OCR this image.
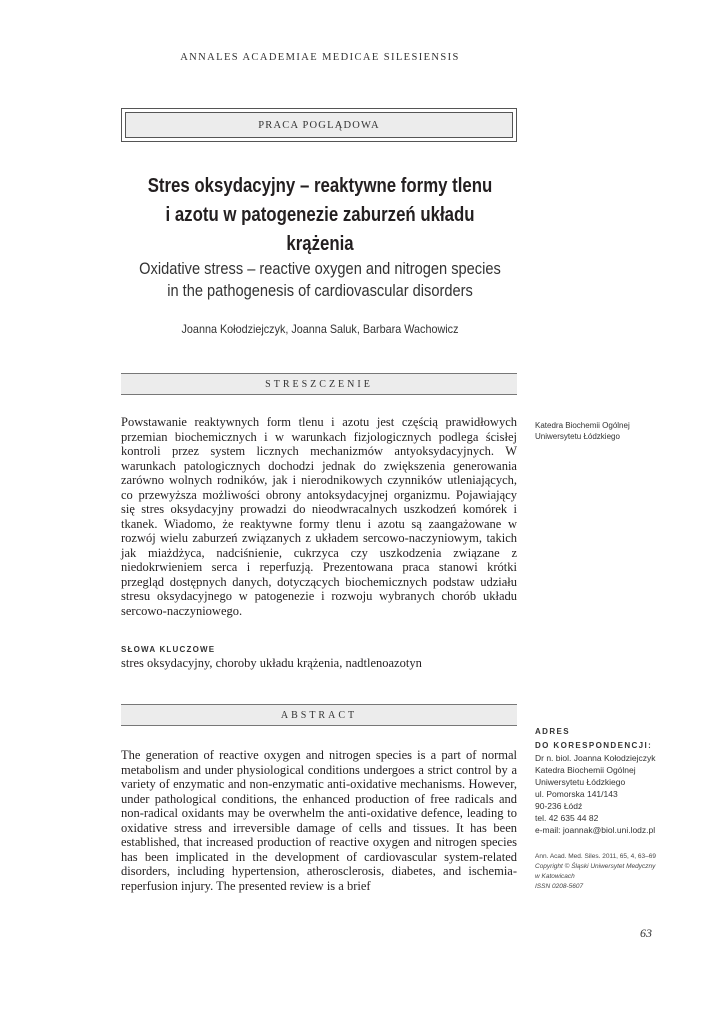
ANNALES ACADEMIAE MEDICAE SILESIENSIS
PRACA POGLĄDOWA
Stres oksydacyjny – reaktywne formy tlenu
i azotu w patogenezie zaburzeń układu krążenia
Oxidative stress – reactive oxygen and nitrogen species
in the pathogenesis of cardiovascular disorders
Joanna Kołodziejczyk, Joanna Saluk, Barbara Wachowicz
STRESZCZENIE
Powstawanie reaktywnych form tlenu i azotu jest częścią prawidłowych przemian biochemicznych i w warunkach fizjologicznych podlega ścisłej kontroli przez system licznych mechanizmów antyoksydacyjnych. W warunkach patologicznych dochodzi jednak do zwiększenia generowania zarówno wolnych rodników, jak i nierodnikowych czynników utleniających, co przewyższa możliwości obrony antoksydacyjnej organizmu. Pojawiający się stres oksydacyjny prowadzi do nieodwracalnych uszkodzeń komórek i tkanek. Wiadomo, że reaktywne formy tlenu i azotu są zaangażowane w rozwój wielu zaburzeń związanych z układem sercowo-naczyniowym, takich jak miażdżyca, nadciśnienie, cukrzyca czy uszkodzenia związane z niedokrwieniem serca i reperfuzją. Prezentowana praca stanowi krótki przegląd dostępnych danych, dotyczących biochemicznych podstaw udziału stresu oksydacyjnego w patogenezie i rozwoju wybranych chorób układu sercowo-naczyniowego.
SŁOWA KLUCZOWE
stres oksydacyjny, choroby układu krążenia, nadtlenoazotyn
ABSTRACT
The generation of reactive oxygen and nitrogen species is a part of normal metabolism and under physiological conditions undergoes a strict control by a variety of enzymatic and non-enzymatic anti-oxidative mechanisms. However, under pathological conditions, the enhanced production of free radicals and non-radical oxidants may be overwhelm the anti-oxidative defence, leading to oxidative stress and irreversible damage of cells and tissues. It has been established, that increased production of reactive oxygen and nitrogen species has been implicated in the development of cardiovascular system-related disorders, including hypertension, atherosclerosis, diabetes, and ischemia-reperfusion injury. The presented review is a brief
Katedra Biochemii Ogólnej
Uniwersytetu Łódzkiego
ADRES
DO KORESPONDENCJI:
Dr n. biol. Joanna Kołodziejczyk
Katedra Biochemii Ogólnej
Uniwersytetu Łódzkiego
ul. Pomorska 141/143
90-236 Łódź
tel. 42 635 44 82
e-mail: joannak@biol.uni.lodz.pl
Ann. Acad. Med. Siles. 2011, 65, 4, 63–69
Copyright © Śląski Uniwersytet Medyczny
w Katowicach
ISSN 0208-5607
63
